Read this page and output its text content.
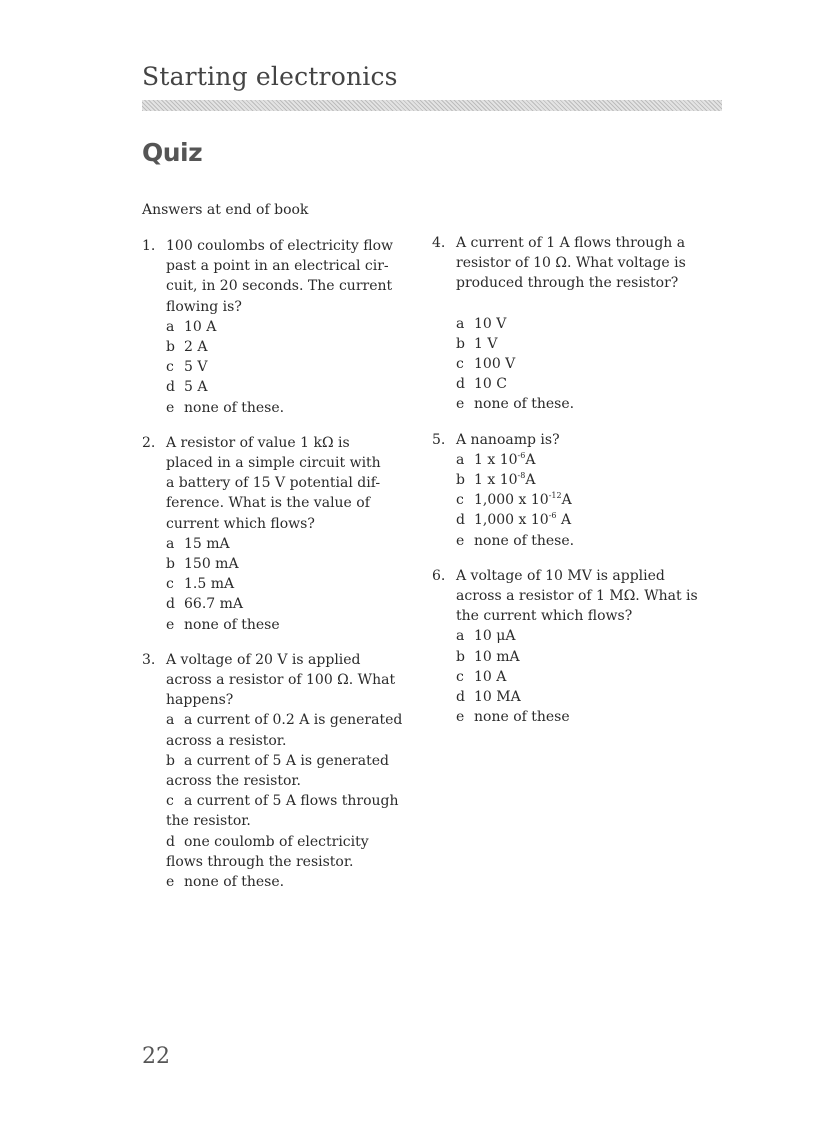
Starting electronics
Quiz
Answers at end of book
1. 100 coulombs of electricity flow
past a point in an electrical cir-
cuit, in 20 seconds. The current
flowing is?
a 10 A
b 2 A
c 5 V
d 5 A
e none of these.
2. A resistor of value 1 kΩ is
placed in a simple circuit with
a battery of 15 V potential dif-
ference. What is the value of
current which flows?
a 15 mA
b 150 mA
c 1.5 mA
d 66.7 mA
e none of these
3. A voltage of 20 V is applied
across a resistor of 100 Ω. What
happens?
a a current of 0.2 A is generated
across a resistor.
b a current of 5 A is generated
across the resistor.
c a current of 5 A flows through
the resistor.
d one coulomb of electricity
flows through the resistor.
e none of these.
4. A current of 1 A flows through a
resistor of 10 Ω. What voltage is
produced through the resistor?
a 10 V
b 1 V
c 100 V
d 10 C
e none of these.
5. A nanoamp is?
a 1 x $10^{-6}A$
b 1 x $10^{-8}A$
c 1,000 x $10^{-12}A$
d 1,000 x $10^{-6}$ A
e none of these.
6. A voltage of 10 MV is applied
across a resistor of 1 MΩ. What is
the current which flows?
a 10 μA
b 10 mA
c 10 A
d 10 MA
e none of these
22
